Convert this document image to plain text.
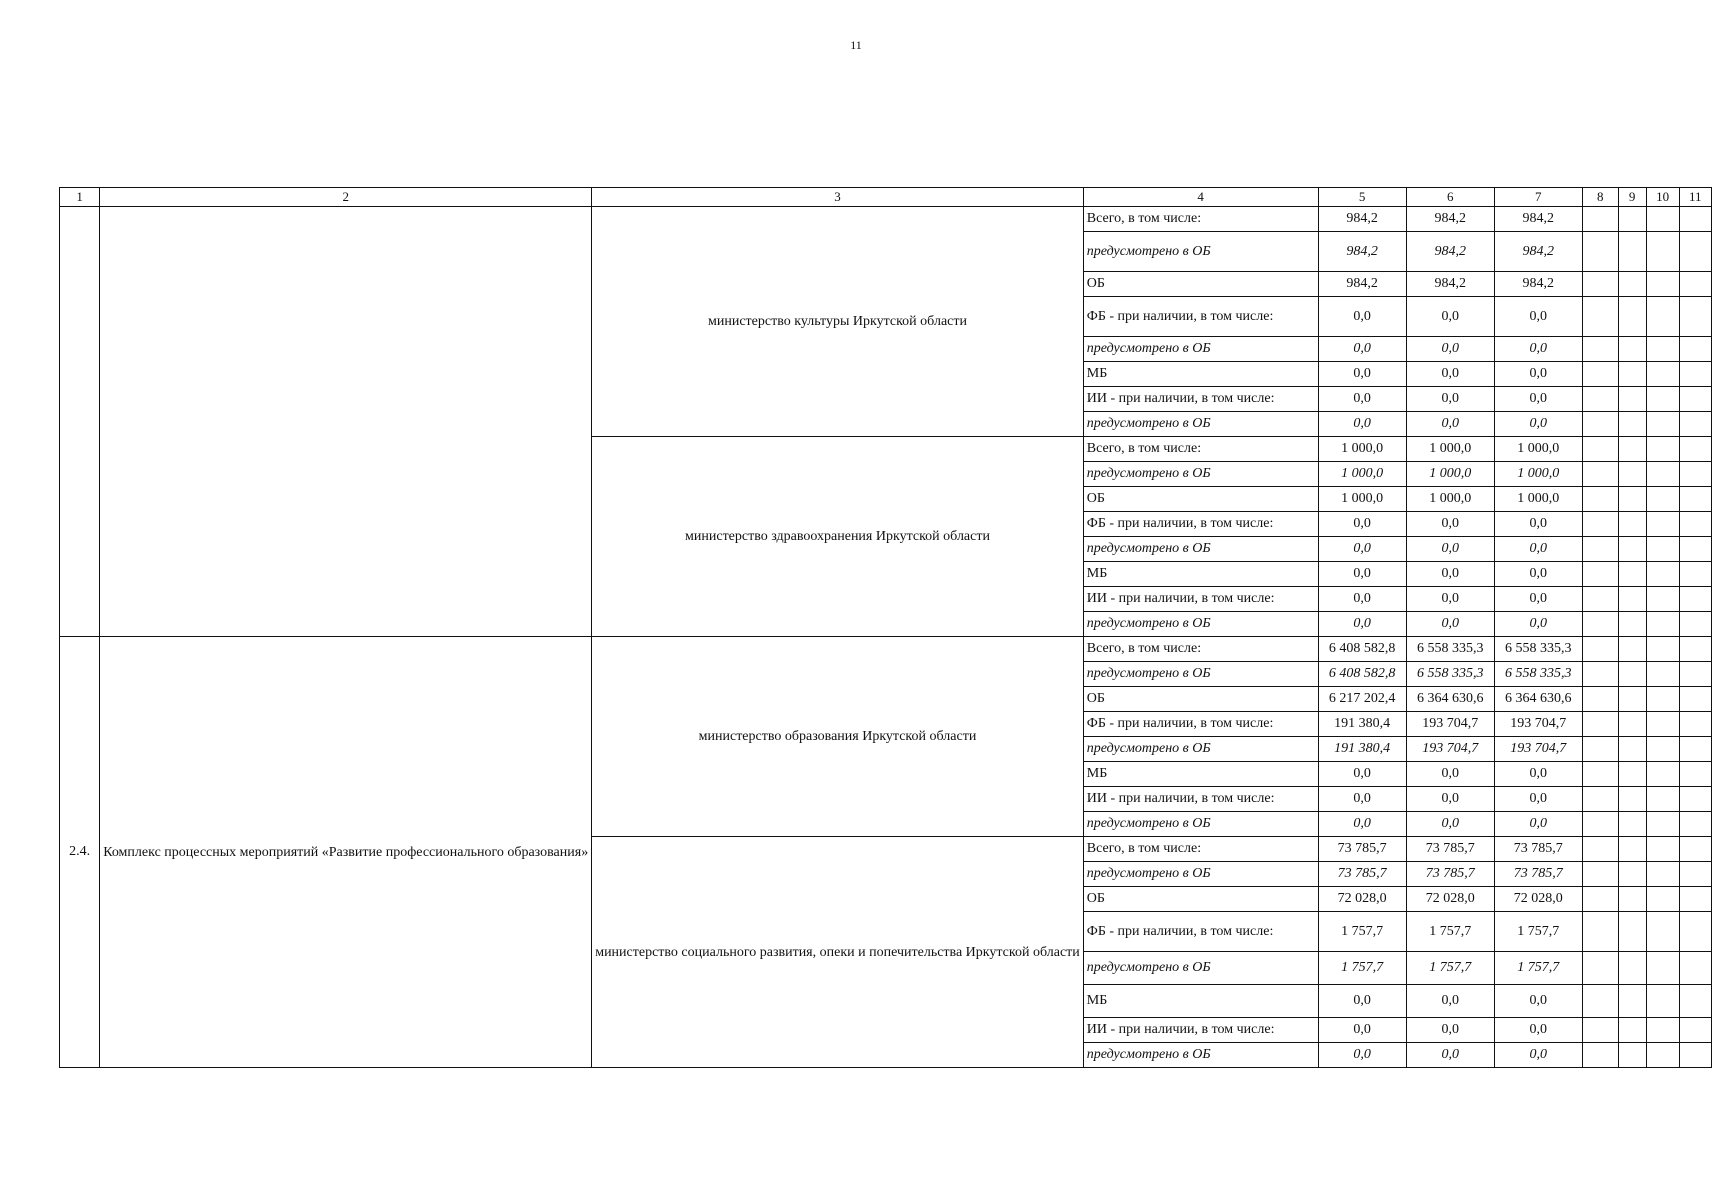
11
1	2	3	4	5	6	7	8	9	10	11
		министерство культуры Иркутской области	Всего, в том числе:	984,2	984,2	984,2				
			предусмотрено в ОБ	984,2	984,2	984,2				
			ОБ	984,2	984,2	984,2				
			ФБ - при наличии, в том числе:	0,0	0,0	0,0				
			предусмотрено в ОБ	0,0	0,0	0,0				
			МБ	0,0	0,0	0,0				
			ИИ - при наличии, в том числе:	0,0	0,0	0,0				
			предусмотрено в ОБ	0,0	0,0	0,0				
		министерство здравоохранения Иркутской области	Всего, в том числе:	1 000,0	1 000,0	1 000,0				
			предусмотрено в ОБ	1 000,0	1 000,0	1 000,0				
			ОБ	1 000,0	1 000,0	1 000,0				
			ФБ - при наличии, в том числе:	0,0	0,0	0,0				
			предусмотрено в ОБ	0,0	0,0	0,0				
			МБ	0,0	0,0	0,0				
			ИИ - при наличии, в том числе:	0,0	0,0	0,0				
			предусмотрено в ОБ	0,0	0,0	0,0				
2.4.	Комплекс процессных мероприятий «Развитие профессионального образования»	министерство образования Иркутской области	Всего, в том числе:	6 408 582,8	6 558 335,3	6 558 335,3				
			предусмотрено в ОБ	6 408 582,8	6 558 335,3	6 558 335,3				
			ОБ	6 217 202,4	6 364 630,6	6 364 630,6				
			ФБ - при наличии, в том числе:	191 380,4	193 704,7	193 704,7				
			предусмотрено в ОБ	191 380,4	193 704,7	193 704,7				
			МБ	0,0	0,0	0,0				
			ИИ - при наличии, в том числе:	0,0	0,0	0,0				
			предусмотрено в ОБ	0,0	0,0	0,0				
		министерство социального развития, опеки и попечительства Иркутской области	Всего, в том числе:	73 785,7	73 785,7	73 785,7				
			предусмотрено в ОБ	73 785,7	73 785,7	73 785,7				
			ОБ	72 028,0	72 028,0	72 028,0				
			ФБ - при наличии, в том числе:	1 757,7	1 757,7	1 757,7				
			предусмотрено в ОБ	1 757,7	1 757,7	1 757,7				
			МБ	0,0	0,0	0,0				
			ИИ - при наличии, в том числе:	0,0	0,0	0,0				
			предусмотрено в ОБ	0,0	0,0	0,0				
